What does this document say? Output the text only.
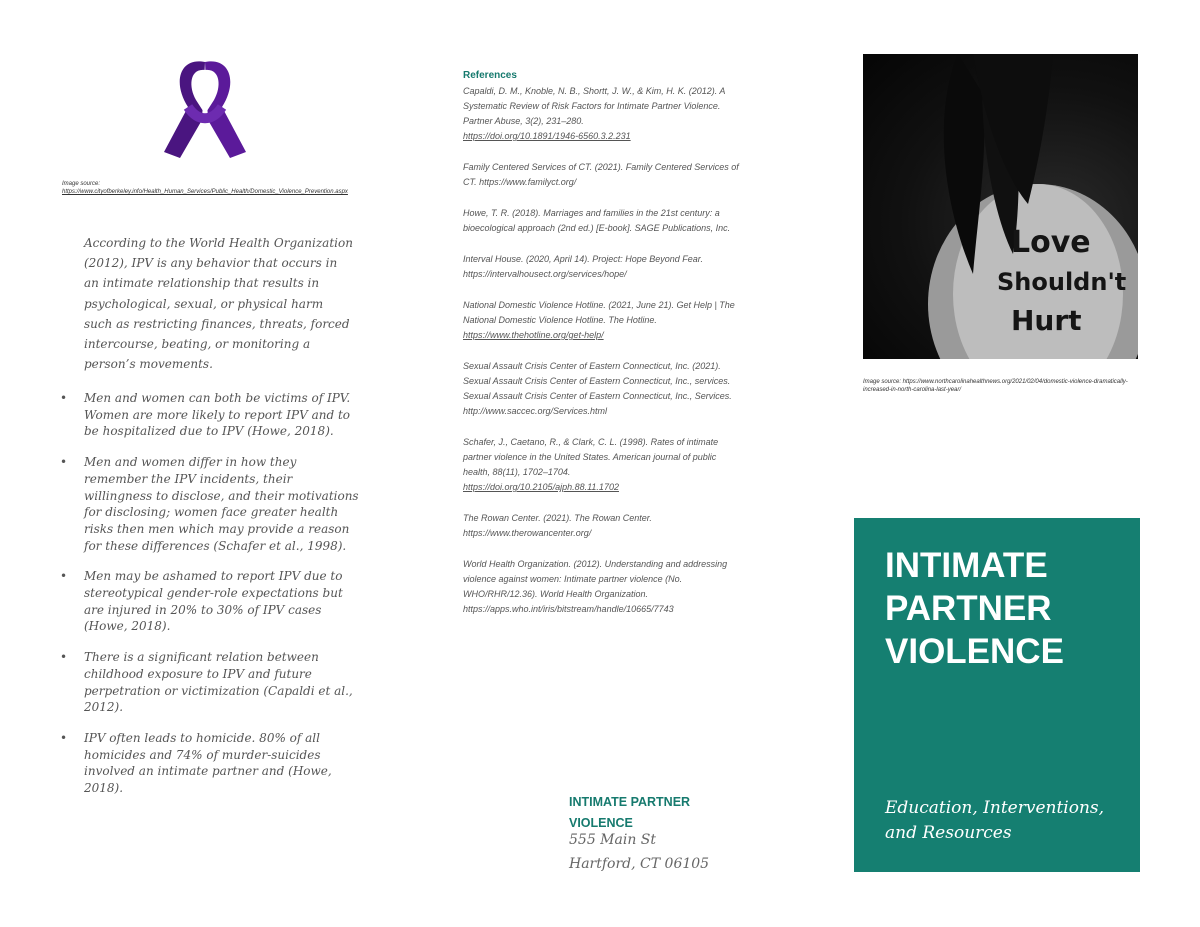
Image source:
https://www.cityofberkeley.info/Health_Human_Services/Public_Health/Domestic_Violence_Prevention.aspx
According to the World Health Organization (2012), IPV is any behavior that occurs in an intimate relationship that results in psychological, sexual, or physical harm such as restricting finances, threats, forced intercourse, beating, or monitoring a person’s movements.
• Men and women can both be victims of IPV. Women are more likely to report IPV and to be hospitalized due to IPV (Howe, 2018).
• Men and women differ in how they remember the IPV incidents, their willingness to disclose, and their motivations for disclosing; women face greater health risks then men which may provide a reason for these differences (Schafer et al., 1998).
• Men may be ashamed to report IPV due to stereotypical gender-role expectations but are injured in 20% to 30% of IPV cases (Howe, 2018).
• There is a significant relation between childhood exposure to IPV and future perpetration or victimization (Capaldi et al., 2012).
• IPV often leads to homicide. 80% of all homicides and 74% of murder-suicides involved an intimate partner and (Howe, 2018).
References

Capaldi, D. M., Knoble, N. B., Shortt, J. W., & Kim, H. K. (2012). A Systematic Review of Risk Factors for Intimate Partner Violence. Partner Abuse, 3(2), 231–280.
https://doi.org/10.1891/1946-6560.3.2.231

Family Centered Services of CT. (2021). Family Centered Services of CT. https://www.familyct.org/

Howe, T. R. (2018). Marriages and families in the 21st century: a bioecological approach (2nd ed.) [E-book]. SAGE Publications, Inc.

Interval House. (2020, April 14). Project: Hope Beyond Fear. https://intervalhousect.org/services/hope/

National Domestic Violence Hotline. (2021, June 21). Get Help | The National Domestic Violence Hotline. The Hotline.
https://www.thehotline.org/get-help/

Sexual Assault Crisis Center of Eastern Connecticut, Inc. (2021). Sexual Assault Crisis Center of Eastern Connecticut, Inc., services. Sexual Assault Crisis Center of Eastern Connecticut, Inc., Services.
http://www.saccec.org/Services.html

Schafer, J., Caetano, R., & Clark, C. L. (1998). Rates of intimate partner violence in the United States. American journal of public health, 88(11), 1702–1704.
https://doi.org/10.2105/ajph.88.11.1702

The Rowan Center. (2021). The Rowan Center. https://www.therowancenter.org/

World Health Organization. (2012). Understanding and addressing violence against women: Intimate partner violence (No. WHO/RHR/12.36). World Health Organization.
https://apps.who.int/iris/bitstream/handle/10665/7743

INTIMATE PARTNER VIOLENCE
555 Main St
Hartford, CT 06105
Love
Shouldn't
Hurt
Image source: https://www.northcarolinahealthnews.org/2021/02/04/domestic-violence-dramatically-increased-in-north-carolina-last-year/
INTIMATE
PARTNER
VIOLENCE
Education, Interventions, and Resources
